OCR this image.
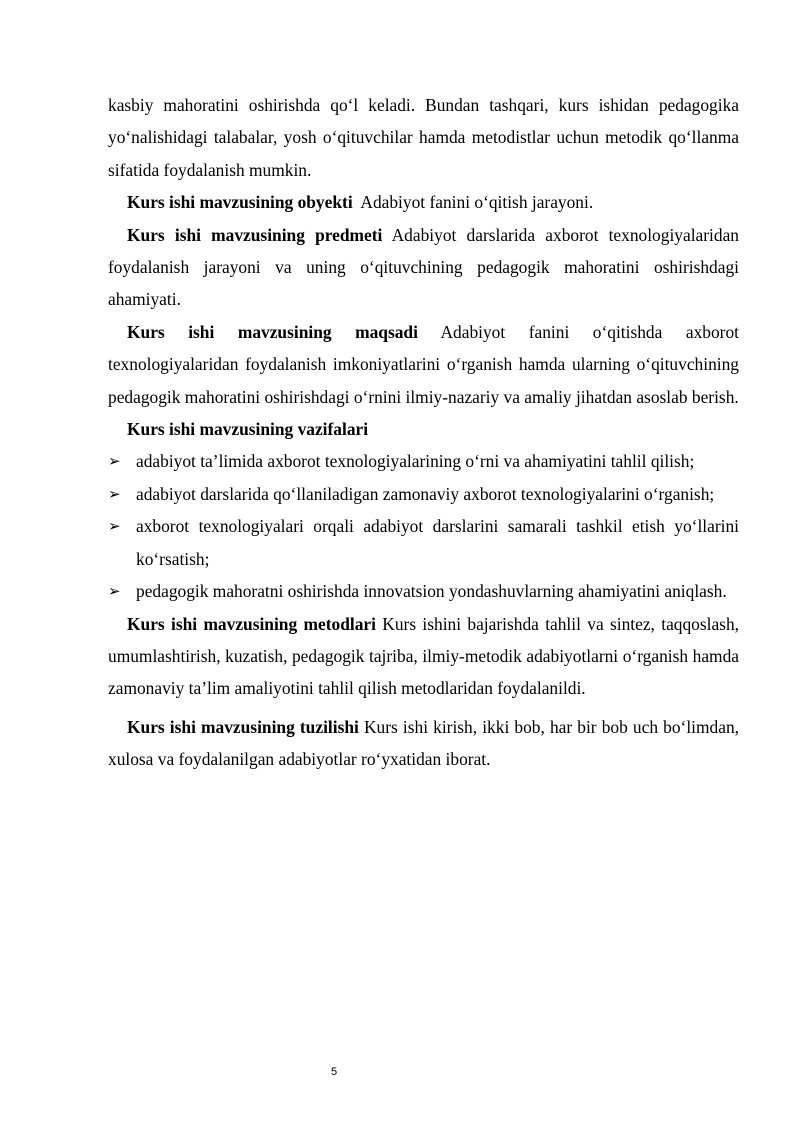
kasbiy mahoratini oshirishda qo‘l keladi. Bundan tashqari, kurs ishidan pedagogika yo‘nalishidagi talabalar, yosh o‘qituvchilar hamda metodistlar uchun metodik qo‘llanma sifatida foydalanish mumkin.

Kurs ishi mavzusining obyekti  Adabiyot fanini o‘qitish jarayoni.

Kurs ishi mavzusining predmeti Adabiyot darslarida axborot texnologiyalaridan foydalanish jarayoni va uning o‘qituvchining pedagogik mahoratini oshirishdagi ahamiyati.

Kurs ishi mavzusining maqsadi Adabiyot fanini o‘qitishda axborot texnologiyalaridan foydalanish imkoniyatlarini o‘rganish hamda ularning o‘qituvchining pedagogik mahoratini oshirishdagi o‘rnini ilmiy-nazariy va amaliy jihatdan asoslab berish.

Kurs ishi mavzusining vazifalari

➢ adabiyot ta’limida axborot texnologiyalarining o‘rni va ahamiyatini tahlil qilish;
➢ adabiyot darslarida qo‘llaniladigan zamonaviy axborot texnologiyalarini o‘rganish;
➢ axborot texnologiyalari orqali adabiyot darslarini samarali tashkil etish yo‘llarini ko‘rsatish;
➢ pedagogik mahoratni oshirishda innovatsion yondashuvlarning ahamiyatini aniqlash.

Kurs ishi mavzusining metodlari Kurs ishini bajarishda tahlil va sintez, taqqoslash, umumlashtirish, kuzatish, pedagogik tajriba, ilmiy-metodik adabiyotlarni o‘rganish hamda zamonaviy ta’lim amaliyotini tahlil qilish metodlaridan foydalanildi.

Kurs ishi mavzusining tuzilishi Kurs ishi kirish, ikki bob, har bir bob uch bo‘limdan, xulosa va foydalanilgan adabiyotlar ro‘yxatidan iborat.

5
